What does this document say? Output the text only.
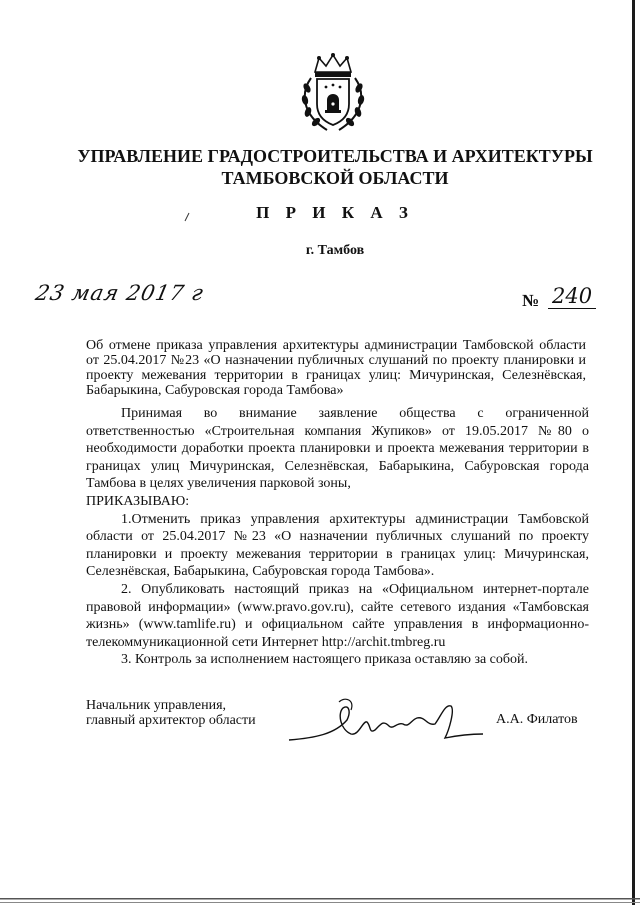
УПРАВЛЕНИЕ ГРАДОСТРОИТЕЛЬСТВА И АРХИТЕКТУРЫ
ТАМБОВСКОЙ ОБЛАСТИ
П Р И К А З
г. Тамбов
23 мая 2017 г	№ 240
Об отмене приказа управления архитектуры администрации Тамбовской области от 25.04.2017 №23 «О назначении публичных слушаний по проекту планировки и проекту межевания территории в границах улиц: Мичуринская, Селезнёвская, Бабарыкина, Сабуровская города Тамбова»

Принимая во внимание заявление общества с ограниченной ответственностью «Строительная компания Жупиков» от 19.05.2017 №80 о необходимости доработки проекта планировки и проекта межевания территории в границах улиц Мичуринская, Селезнёвская, Бабарыкина, Сабуровская города Тамбова в целях увеличения парковой зоны,

ПРИКАЗЫВАЮ:

1.Отменить приказ управления архитектуры администрации Тамбовской области от 25.04.2017 №23 «О назначении публичных слушаний по проекту планировки и проекту межевания территории в границах улиц: Мичуринская, Селезнёвская, Бабарыкина, Сабуровская города Тамбова».

2. Опубликовать настоящий приказ на «Официальном интернет-портале правовой информации» (www.pravo.gov.ru), сайте сетевого издания «Тамбовская жизнь» (www.tamlife.ru) и официальном сайте управления в информационно-телекоммуникационной сети Интернет http://archit.tmbreg.ru

3. Контроль за исполнением настоящего приказа оставляю за собой.

Начальник управления,
главный архитектор области	А.А. Филатов
